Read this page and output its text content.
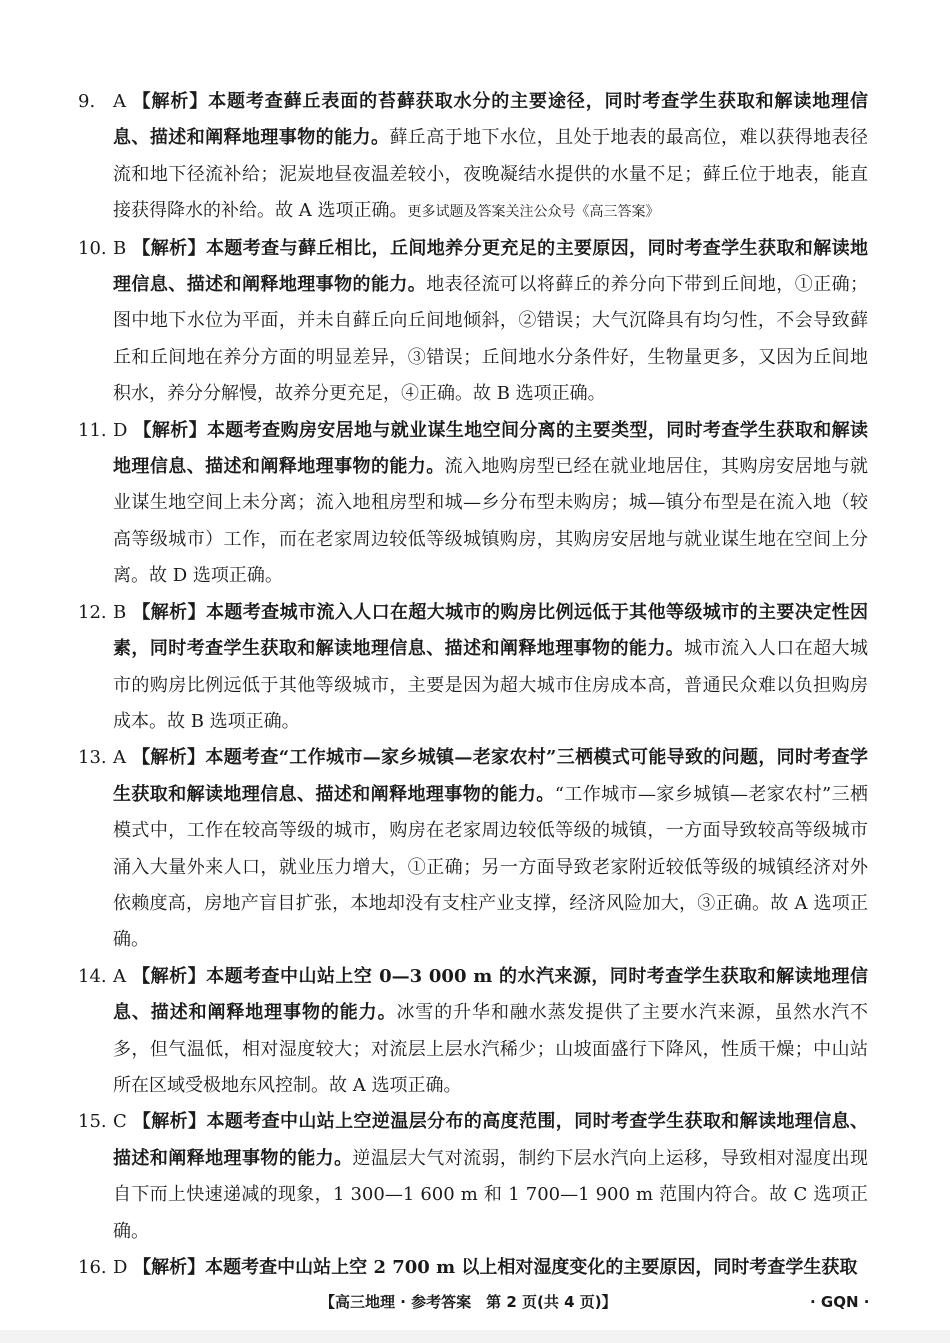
9. A 【解析】本题考查藓丘表面的苔藓获取水分的主要途径，同时考查学生获取和解读地理信息、描述和阐释地理事物的能力。藓丘高于地下水位，且处于地表的最高位，难以获得地表径流和地下径流补给；泥炭地昼夜温差较小，夜晚凝结水提供的水量不足；藓丘位于地表，能直接获得降水的补给。故 A 选项正确。更多试题及答案关注公众号《高三答案》
10. B 【解析】本题考查与藓丘相比，丘间地养分更充足的主要原因，同时考查学生获取和解读地理信息、描述和阐释地理事物的能力。地表径流可以将藓丘的养分向下带到丘间地，①正确；图中地下水位为平面，并未自藓丘向丘间地倾斜，②错误；大气沉降具有均匀性，不会导致藓丘和丘间地在养分方面的明显差异，③错误；丘间地水分条件好，生物量更多，又因为丘间地积水，养分分解慢，故养分更充足，④正确。故 B 选项正确。
11. D 【解析】本题考查购房安居地与就业谋生地空间分离的主要类型，同时考查学生获取和解读地理信息、描述和阐释地理事物的能力。流入地购房型已经在就业地居住，其购房安居地与就业谋生地空间上未分离；流入地租房型和城—乡分布型未购房；城—镇分布型是在流入地（较高等级城市）工作，而在老家周边较低等级城镇购房，其购房安居地与就业谋生地在空间上分离。故 D 选项正确。
12. B 【解析】本题考查城市流入人口在超大城市的购房比例远低于其他等级城市的主要决定性因素，同时考查学生获取和解读地理信息、描述和阐释地理事物的能力。城市流入人口在超大城市的购房比例远低于其他等级城市，主要是因为超大城市住房成本高，普通民众难以负担购房成本。故 B 选项正确。
13. A 【解析】本题考查“工作城市—家乡城镇—老家农村”三栖模式可能导致的问题，同时考查学生获取和解读地理信息、描述和阐释地理事物的能力。“工作城市—家乡城镇—老家农村”三栖模式中，工作在较高等级的城市，购房在老家周边较低等级的城镇，一方面导致较高等级城市涌入大量外来人口，就业压力增大，①正确；另一方面导致老家附近较低等级的城镇经济对外依赖度高，房地产盲目扩张，本地却没有支柱产业支撑，经济风险加大，③正确。故 A 选项正确。
14. A 【解析】本题考查中山站上空 0—3 000 m 的水汽来源，同时考查学生获取和解读地理信息、描述和阐释地理事物的能力。冰雪的升华和融水蒸发提供了主要水汽来源，虽然水汽不多，但气温低，相对湿度较大；对流层上层水汽稀少；山坡面盛行下降风，性质干燥；中山站所在区域受极地东风控制。故 A 选项正确。
15. C 【解析】本题考查中山站上空逆温层分布的高度范围，同时考查学生获取和解读地理信息、描述和阐释地理事物的能力。逆温层大气对流弱，制约下层水汽向上运移，导致相对湿度出现自下而上快速递减的现象，1 300—1 600 m 和 1 700—1 900 m 范围内符合。故 C 选项正确。
16. D 【解析】本题考查中山站上空 2 700 m 以上相对湿度变化的主要原因，同时考查学生获取
【高三地理 · 参考答案　第 2 页(共 4 页)】	· GQN ·
